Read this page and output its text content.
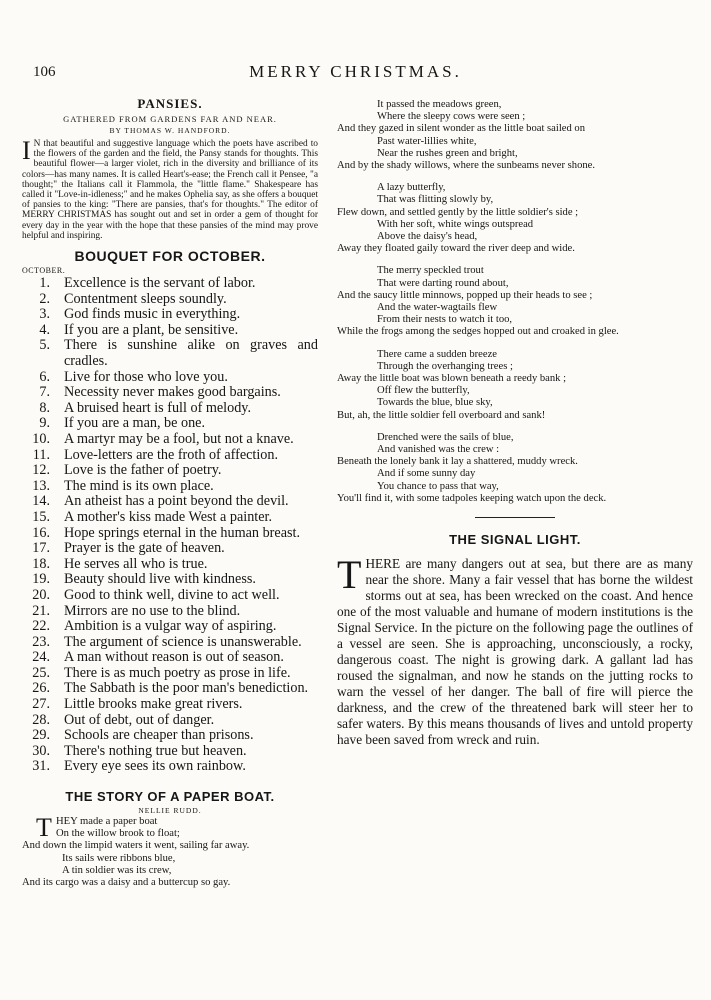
106	MERRY CHRISTMAS.
PANSIES.
GATHERED FROM GARDENS FAR AND NEAR.
BY THOMAS W. HANDFORD.

I N that beautiful and suggestive language which the poets have ascribed to the flowers of the garden and the field, the Pansy stands for thoughts. This beautiful flower—a larger violet, rich in the diversity and brilliance of its colors—has many names. It is called Heart's-ease; the French call it Pensee, "a thought;" the Italians call it Flammola, the "little flame." Shakespeare has called it "Love-in-idleness;" and he makes Ophelia say, as she offers a bouquet of pansies to the king: "There are pansies, that's for thoughts." The editor of MERRY CHRISTMAS has sought out and set in order a gem of thought for every day in the year with the hope that these pansies of the mind may prove helpful and inspiring.

BOUQUET FOR OCTOBER.
OCTOBER.
1. Excellence is the servant of labor.
2. Contentment sleeps soundly.
3. God finds music in everything.
4. If you are a plant, be sensitive.
5. There is sunshine alike on graves and cradles.
6. Live for those who love you.
7. Necessity never makes good bargains.
8. A bruised heart is full of melody.
9. If you are a man, be one.
10. A martyr may be a fool, but not a knave.
11. Love-letters are the froth of affection.
12. Love is the father of poetry.
13. The mind is its own place.
14. An atheist has a point beyond the devil.
15. A mother's kiss made West a painter.
16. Hope springs eternal in the human breast.
17. Prayer is the gate of heaven.
18. He serves all who is true.
19. Beauty should live with kindness.
20. Good to think well, divine to act well.
21. Mirrors are no use to the blind.
22. Ambition is a vulgar way of aspiring.
23. The argument of science is unanswerable.
24. A man without reason is out of season.
25. There is as much poetry as prose in life.
26. The Sabbath is the poor man's benediction.
27. Little brooks make great rivers.
28. Out of debt, out of danger.
29. Schools are cheaper than prisons.
30. There's nothing true but heaven.
31. Every eye sees its own rainbow.
THE STORY OF A PAPER BOAT.
NELLIE RUDD.
THEY made a paper boat
On the willow brook to float;
And down the limpid waters it went, sailing far away.
Its sails were ribbons blue,
A tin soldier was its crew,
And its cargo was a daisy and a buttercup so gay.
It passed the meadows green,
Where the sleepy cows were seen ;
And they gazed in silent wonder as the little boat sailed on
Past water-lillies white,
Near the rushes green and bright,
And by the shady willows, where the sunbeams never shone.
A lazy butterfly,
That was flitting slowly by,
Flew down, and settled gently by the little soldier's side ;
With her soft, white wings outspread
Above the daisy's head,
Away they floated gaily toward the river deep and wide.
The merry speckled trout
That were darting round about,
And the saucy little minnows, popped up their heads to see ;
And the water-wagtails flew
From their nests to watch it too,
While the frogs among the sedges hopped out and croaked in glee.
There came a sudden breeze
Through the overhanging trees ;
Away the little boat was blown beneath a reedy bank ;
Off flew the butterfly,
Towards the blue, blue sky,
But, ah, the little soldier fell overboard and sank!
Drenched were the sails of blue,
And vanished was the crew :
Beneath the lonely bank it lay a shattered, muddy wreck.
And if some sunny day
You chance to pass that way,
You'll find it, with some tadpoles keeping watch upon the deck.
THE SIGNAL LIGHT.

THERE are many dangers out at sea, but there are as many near the shore. Many a fair vessel that has borne the wildest storms out at sea, has been wrecked on the coast. And hence one of the most valuable and humane of modern institutions is the Signal Service. In the picture on the following page the outlines of a vessel are seen. She is approaching, unconsciously, a rocky, dangerous coast. The night is growing dark. A gallant lad has roused the signalman, and now he stands on the jutting rocks to warn the vessel of her danger. The ball of fire will pierce the darkness, and the crew of the threatened bark will steer her to safer waters. By this means thousands of lives and untold property have been saved from wreck and ruin.
